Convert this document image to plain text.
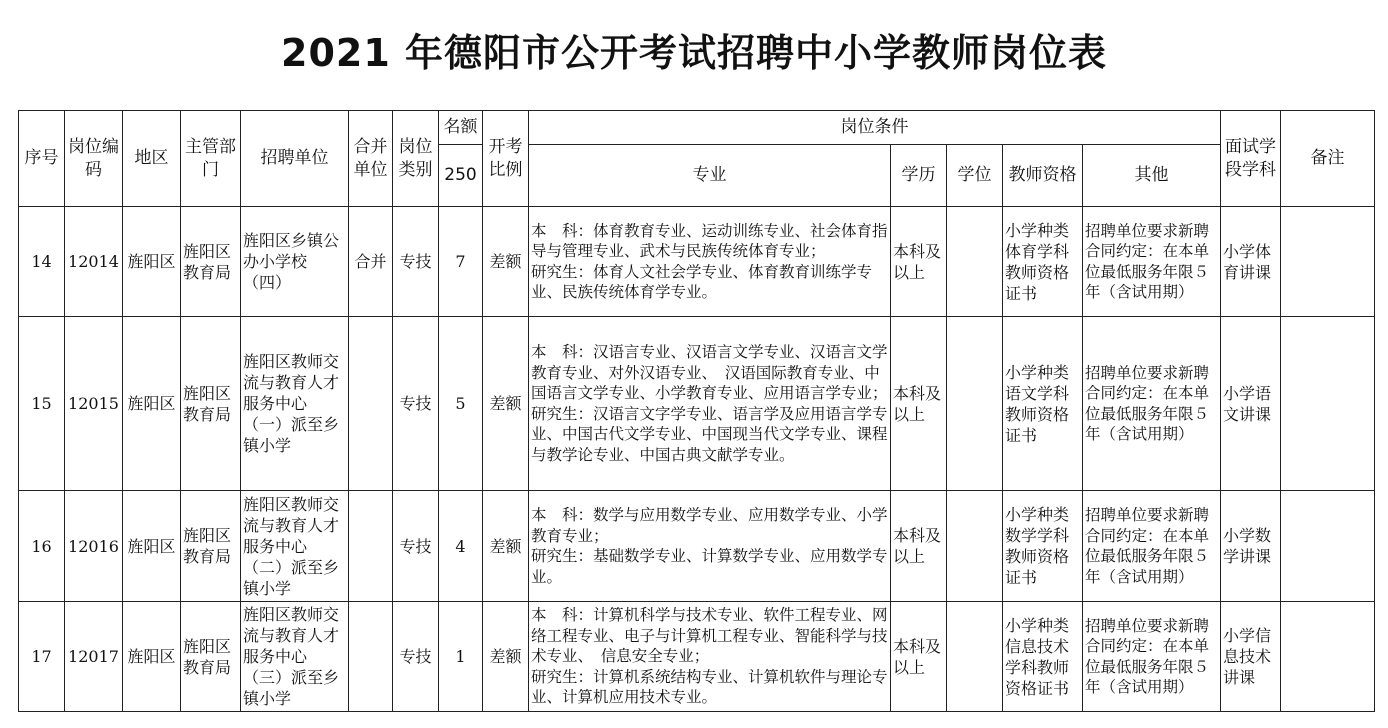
2021 年德阳市公开考试招聘中小学教师岗位表
序号	岗位编码	地区	主管部门	招聘单位	合并单位	岗位类别	名额	开考比例	岗位条件					面试学段学科	备注
							250		专业	学历	学位	教师资格	其他		
14	12014	旌阳区	旌阳区教育局	旌阳区乡镇公办小学校（四）	合并	专技	7	差额	本　科：体育教育专业、运动训练专业、社会体育指导与管理专业、武术与民族传统体育专业；
研究生：体育人文社会学专业、体育教育训练学专业、民族传统体育学专业。	本科及以上		小学种类体育学科教师资格证书	招聘单位要求新聘合同约定：在本单位最低服务年限５年（含试用期）	小学体育讲课	
15	12015	旌阳区	旌阳区教育局	旌阳区教师交流与教育人才服务中心（一）派至乡镇小学		专技	5	差额	本　科：汉语言专业、汉语言文学专业、汉语言文学教育专业、对外汉语专业、　汉语国际教育专业、中国语言文学专业、小学教育专业、应用语言学专业；
研究生：汉语言文字学专业、语言学及应用语言学专业、中国古代文学专业、中国现当代文学专业、课程与教学论专业、中国古典文献学专业。	本科及以上		小学种类语文学科教师资格证书	招聘单位要求新聘合同约定：在本单位最低服务年限５年（含试用期）	小学语文讲课	
16	12016	旌阳区	旌阳区教育局	旌阳区教师交流与教育人才服务中心（二）派至乡镇小学		专技	4	差额	本　科：数学与应用数学专业、应用数学专业、小学教育专业；
研究生：基础数学专业、计算数学专业、应用数学专业。	本科及以上		小学种类数学学科教师资格证书	招聘单位要求新聘合同约定：在本单位最低服务年限５年（含试用期）	小学数学讲课	
17	12017	旌阳区	旌阳区教育局	旌阳区教师交流与教育人才服务中心（三）派至乡镇小学		专技	1	差额	本　科：计算机科学与技术专业、软件工程专业、网络工程专业、电子与计算机工程专业、智能科学与技术专业、　信息安全专业；
研究生：计算机系统结构专业、计算机软件与理论专业、计算机应用技术专业。	本科及以上		小学种类信息技术学科教师资格证书	招聘单位要求新聘合同约定：在本单位最低服务年限５年（含试用期）	小学信息技术讲课	
